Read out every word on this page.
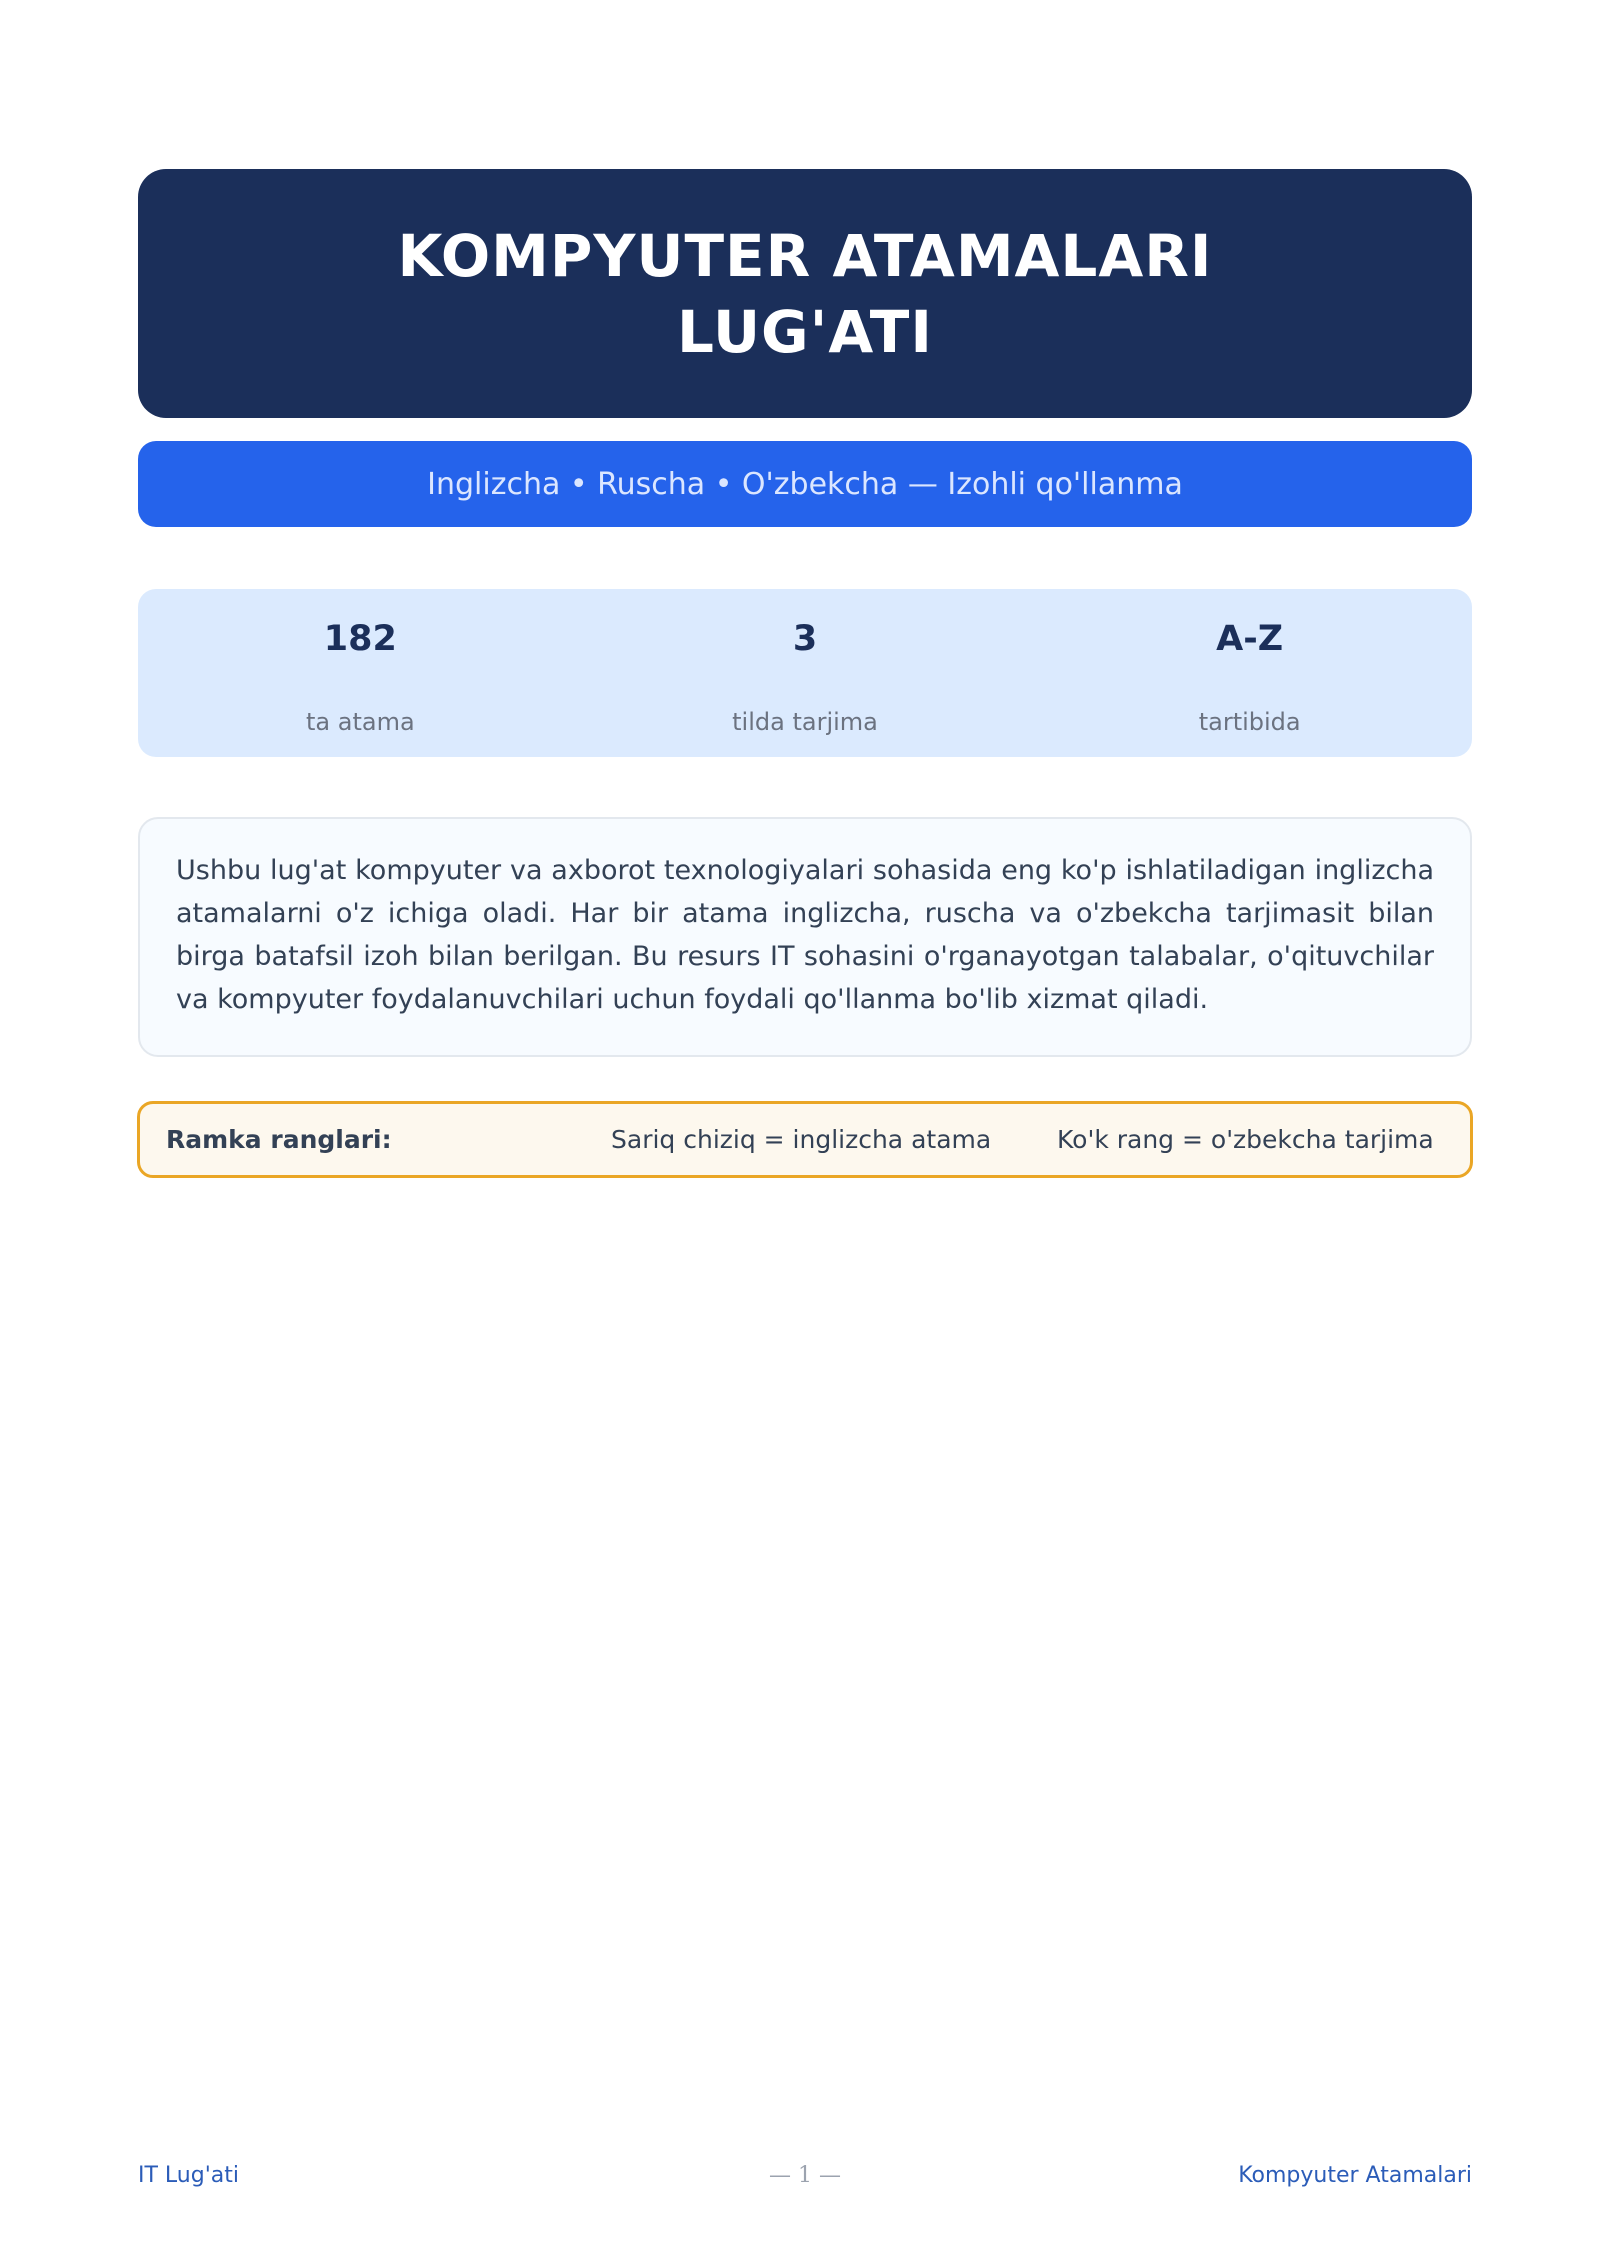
KOMPYUTER ATAMALARI
LUG'ATI
Inglizcha • Ruscha • O'zbekcha — Izohli qo'llanma
182
ta atama
3
tilda tarjima
A-Z
tartibida

Ushbu lug'at kompyuter va axborot texnologiyalari sohasida eng ko'p ishlatiladigan inglizcha atamalarni o'z ichiga oladi. Har bir atama inglizcha, ruscha va o'zbekcha tarjimasit bilan birga batafsil izoh bilan berilgan. Bu resurs IT sohasini o'rganayotgan talabalar, o'qituvchilar va kompyuter foydalanuvchilari uchun foydali qo'llanma bo'lib xizmat qiladi.

Ramka ranglari:	Sariq chiziq = inglizcha atama	Ko'k rang = o'zbekcha tarjima
IT Lug'ati	— 1 —	Kompyuter Atamalari
